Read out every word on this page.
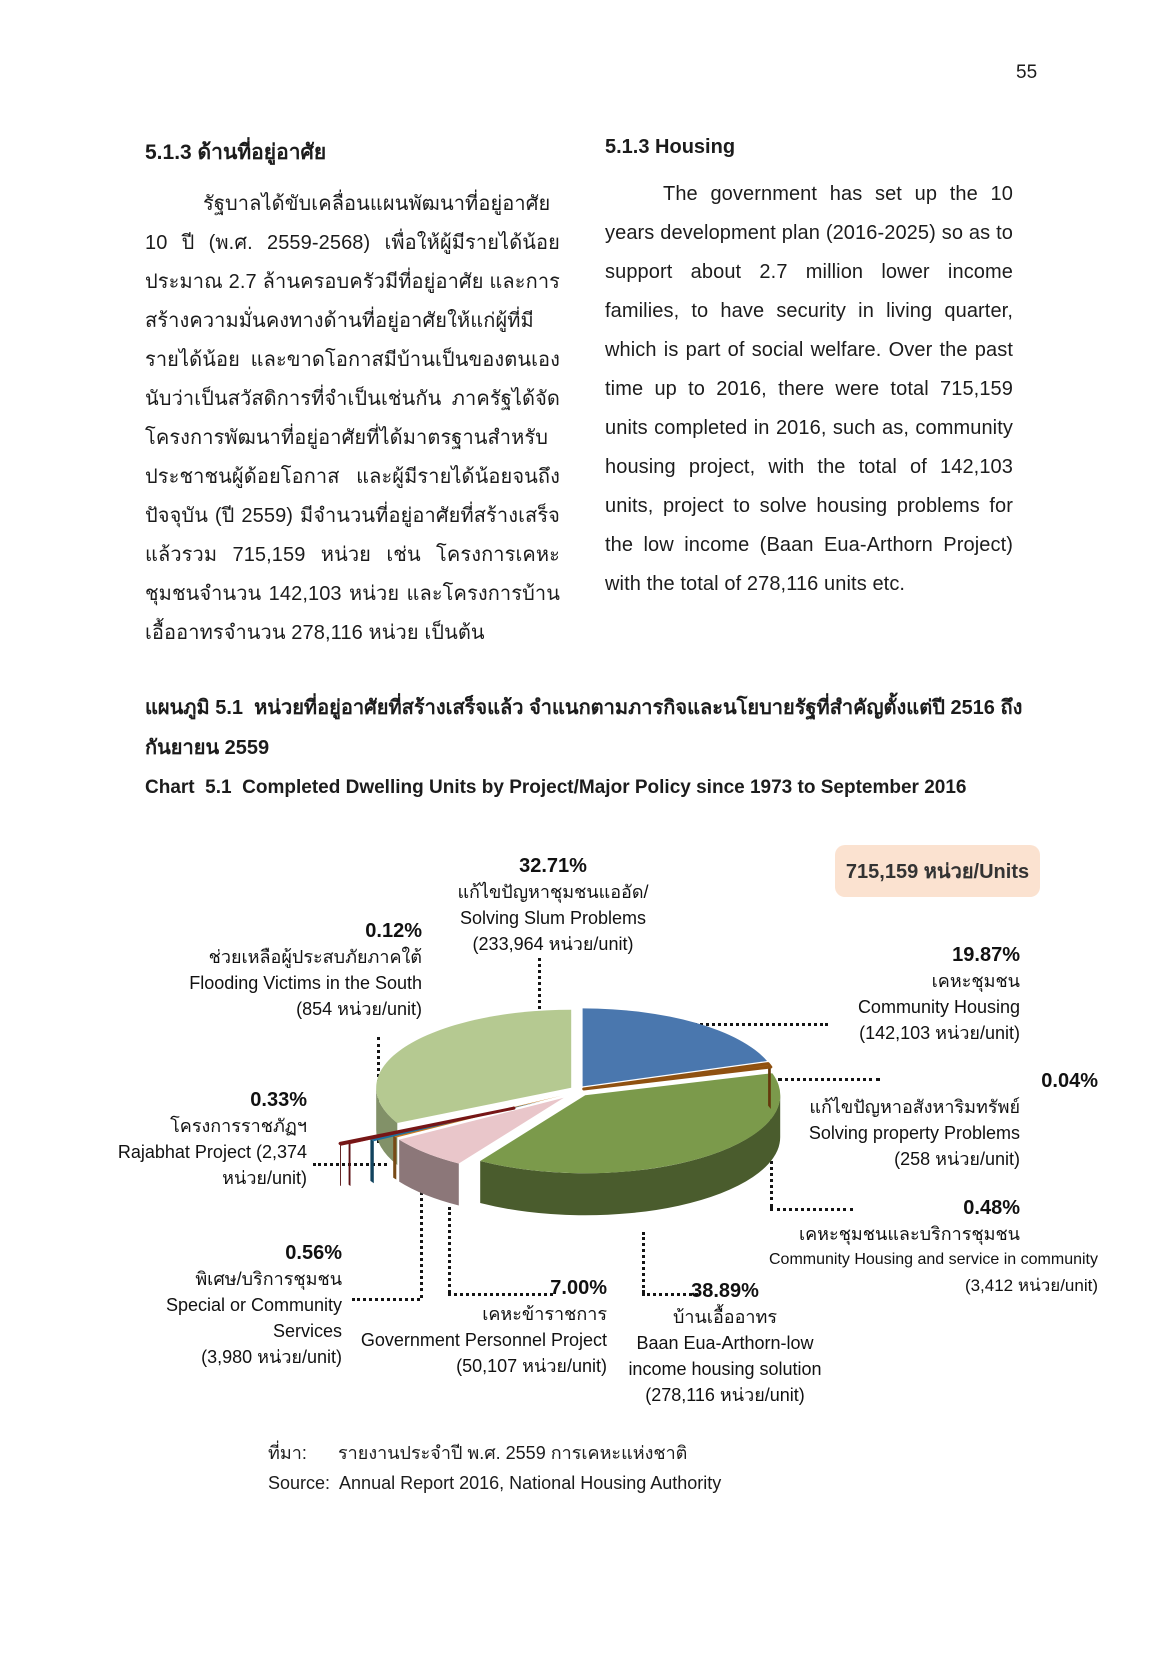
55
5.1.3 ด้านที่อยู่อาศัย
รัฐบาลได้ขับเคลื่อนแผนพัฒนาที่อยู่อาศัย 10 ปี (พ.ศ. 2559-2568) เพื่อให้ผู้มีรายได้น้อยประมาณ 2.7 ล้านครอบครัวมีที่อยู่อาศัย และการสร้างความมั่นคงทางด้านที่อยู่อาศัยให้แก่ผู้ที่มีรายได้น้อย และขาดโอกาสมีบ้านเป็นของตนเอง นับว่าเป็นสวัสดิการที่จำเป็นเช่นกัน ภาครัฐได้จัดโครงการพัฒนาที่อยู่อาศัยที่ได้มาตรฐานสำหรับประชาชนผู้ด้อยโอกาส และผู้มีรายได้น้อยจนถึงปัจจุบัน (ปี 2559) มีจำนวนที่อยู่อาศัยที่สร้างเสร็จแล้วรวม 715,159 หน่วย เช่น โครงการเคหะชุมชนจำนวน 142,103 หน่วย และโครงการบ้านเอื้ออาทรจำนวน 278,116 หน่วย เป็นต้น
5.1.3 Housing
The government has set up the 10 years development plan (2016-2025) so as to support about 2.7 million lower income families, to have security in living quarter, which is part of social welfare. Over the past time up to 2016, there were total 715,159 units completed in 2016, such as, community housing project, with the total of 142,103 units, project to solve housing problems for the low income (Baan Eua-Arthorn Project) with the total of 278,116 units etc.
แผนภูมิ 5.1  หน่วยที่อยู่อาศัยที่สร้างเสร็จแล้ว จำแนกตามภารกิจและนโยบายรัฐที่สำคัญตั้งแต่ปี 2516 ถึง กันยายน 2559
Chart  5.1  Completed Dwelling Units by Project/Major Policy since 1973 to September 2016
715,159 หน่วย/Units
32.71%
แก้ไขปัญหาชุมชนแออัด/
Solving Slum Problems
(233,964 หน่วย/unit)
0.12%
ช่วยเหลือผู้ประสบภัยภาคใต้
Flooding Victims in the South
(854 หน่วย/unit)
0.33%
โครงการราชภัฏฯ
Rajabhat Project (2,374
หน่วย/unit)
0.56%
พิเศษ/บริการชุมชน
Special or Community Services
(3,980 หน่วย/unit)
7.00%
เคหะข้าราชการ
Government Personnel Project
(50,107 หน่วย/unit)
38.89%
บ้านเอื้ออาทร
Baan Eua-Arthorn-low
income housing solution
(278,116 หน่วย/unit)
19.87%
เคหะชุมชน
Community Housing
(142,103 หน่วย/unit)
0.04%
แก้ไขปัญหาอสังหาริมทรัพย์
Solving property Problems
(258 หน่วย/unit)
0.48%
เคหะชุมชนและบริการชุมชน
Community Housing and service in community
(3,412 หน่วย/unit)
ที่มา:	รายงานประจำปี พ.ศ. 2559 การเคหะแห่งชาติ
Source:  Annual Report 2016, National Housing Authority
